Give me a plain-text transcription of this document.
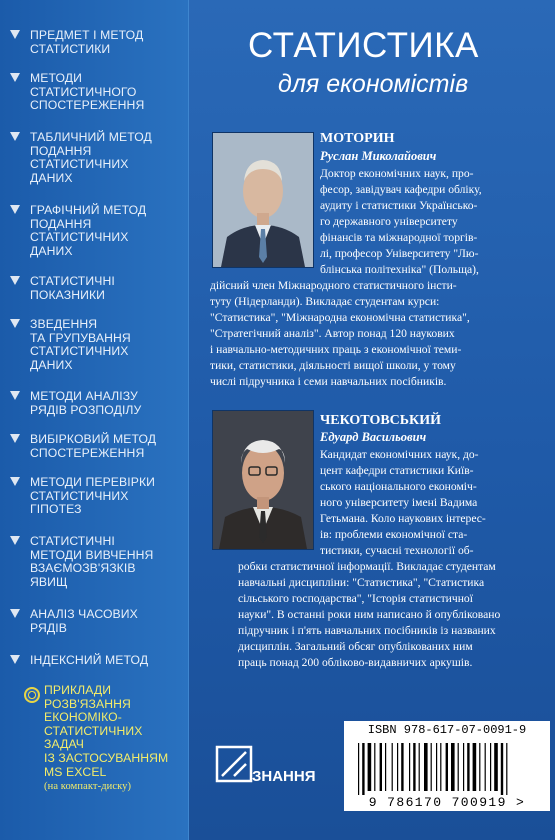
ПРЕДМЕТ І МЕТОД
СТАТИСТИКИ
МЕТОДИ
СТАТИСТИЧНОГО
СПОСТЕРЕЖЕННЯ
ТАБЛИЧНИЙ МЕТОД
ПОДАННЯ
СТАТИСТИЧНИХ
ДАНИХ
ГРАФІЧНИЙ МЕТОД
ПОДАННЯ
СТАТИСТИЧНИХ
ДАНИХ
СТАТИСТИЧНІ
ПОКАЗНИКИ
ЗВЕДЕННЯ
ТА ГРУПУВАННЯ
СТАТИСТИЧНИХ
ДАНИХ
МЕТОДИ АНАЛІЗУ
РЯДІВ РОЗПОДІЛУ
ВИБІРКОВИЙ МЕТОД
СПОСТЕРЕЖЕННЯ
МЕТОДИ ПЕРЕВІРКИ
СТАТИСТИЧНИХ
ГІПОТЕЗ
СТАТИСТИЧНІ
МЕТОДИ ВИВЧЕННЯ
ВЗАЄМОЗВ'ЯЗКІВ
ЯВИЩ
АНАЛІЗ ЧАСОВИХ
РЯДІВ
ІНДЕКСНИЙ МЕТОД
ПРИКЛАДИ
РОЗВ'ЯЗАННЯ
ЕКОНОМІКО-
СТАТИСТИЧНИХ
ЗАДАЧ
ІЗ ЗАСТОСУВАННЯМ
MS EXCEL
(на компакт-диску)
СТАТИСТИКА
для економістів
МОТОРИН
Руслан Миколайович
Доктор економічних наук, про-
фесор, завідувач кафедри обліку,
аудиту і статистики Українсько-
го державного університету
фінансів та міжнародної торгів-
лі, професор Університету "Лю-
блінська політехніка" (Польща),
дійсний член Міжнародного статистичного інсти-
туту (Нідерланди). Викладає студентам курси:
"Статистика", "Міжнародна економічна статистика",
"Стратегічний аналіз". Автор понад 120 наукових
і навчально-методичних праць з економічної теми-
тики, статистики, діяльності вищої школи, у тому
числі підручника і семи навчальних посібників.
ЧЕКОТОВСЬКИЙ
Едуард Васильович
Кандидат економічних наук, до-
цент кафедри статистики Київ-
ського національного економіч-
ного університету імені Вадима
Гетьмана. Коло наукових інтерес-
ів: проблеми економічної ста-
тистики, сучасні технології об-
робки статистичної інформації. Викладає студентам
навчальні дисципліни: "Статистика", "Статистика
сільського господарства", "Історія статистичної
науки". В останні роки ним написано й опубліковано
підручник і п'ять навчальних посібників із названих
дисциплін. Загальний обсяг опублікованих ним
праць понад 200 обліково-видавничих аркушів.
ЗНАННЯ
ISBN 978-617-07-0091-9
9 786170 700919 >
